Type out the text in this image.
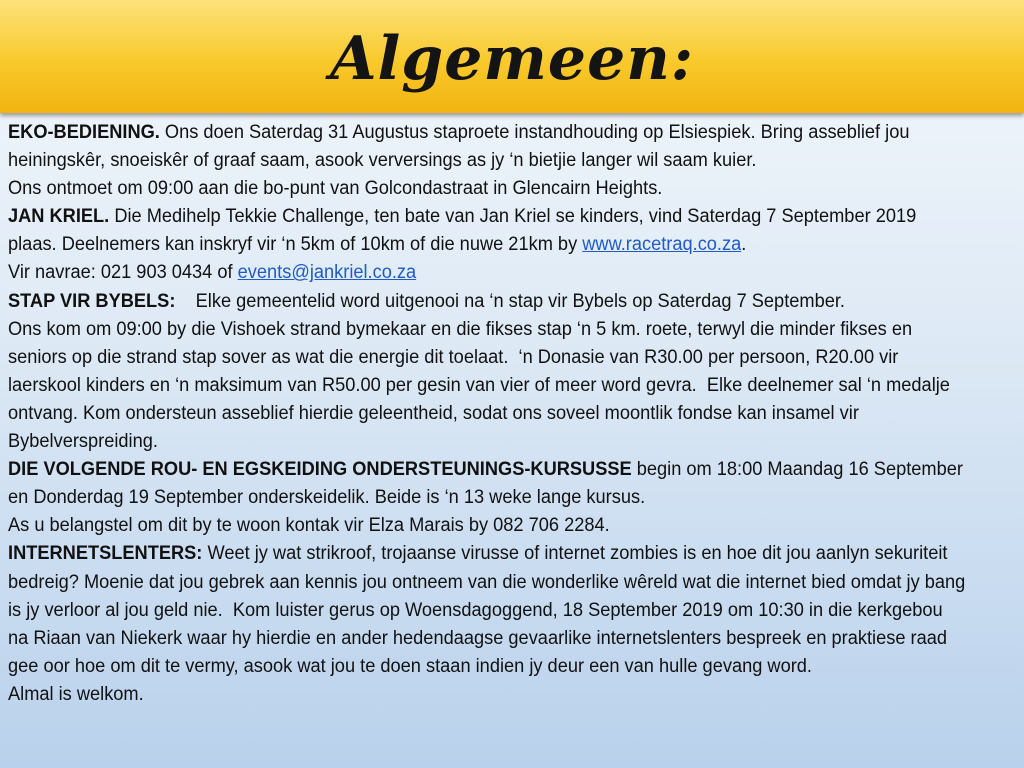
Algemeen:
EKO-BEDIENING. Ons doen Saterdag 31 Augustus staproete instandhouding op Elsiespiek. Bring asseblief jou
heiningskêr, snoeiskêr of graaf saam, asook verversings as jy ‘n bietjie langer wil saam kuier.
Ons ontmoet om 09:00 aan die bo-punt van Golcondastraat in Glencairn Heights.
JAN KRIEL. Die Medihelp Tekkie Challenge, ten bate van Jan Kriel se kinders, vind Saterdag 7 September 2019
plaas. Deelnemers kan inskryf vir ‘n 5km of 10km of die nuwe 21km by www.racetraq.co.za.
Vir navrae: 021 903 0434 of events@jankriel.co.za
STAP VIR BYBELS:    Elke gemeentelid word uitgenooi na ‘n stap vir Bybels op Saterdag 7 September.
Ons kom om 09:00 by die Vishoek strand bymekaar en die fikses stap ‘n 5 km. roete, terwyl die minder fikses en
seniors op die strand stap sover as wat die energie dit toelaat.  ‘n Donasie van R30.00 per persoon, R20.00 vir
laerskool kinders en ‘n maksimum van R50.00 per gesin van vier of meer word gevra.  Elke deelnemer sal ‘n medalje
ontvang. Kom ondersteun asseblief hierdie geleentheid, sodat ons soveel moontlik fondse kan insamel vir
Bybelverspreiding.
DIE VOLGENDE ROU- EN EGSKEIDING ONDERSTEUNINGS-KURSUSSE begin om 18:00 Maandag 16 September
en Donderdag 19 September onderskeidelik. Beide is ‘n 13 weke lange kursus.
As u belangstel om dit by te woon kontak vir Elza Marais by 082 706 2284.
INTERNETSLENTERS: Weet jy wat strikroof, trojaanse virusse of internet zombies is en hoe dit jou aanlyn sekuriteit
bedreig? Moenie dat jou gebrek aan kennis jou ontneem van die wonderlike wêreld wat die internet bied omdat jy bang
is jy verloor al jou geld nie.  Kom luister gerus op Woensdagoggend, 18 September 2019 om 10:30 in die kerkgebou
na Riaan van Niekerk waar hy hierdie en ander hedendaagse gevaarlike internetslenters bespreek en praktiese raad
gee oor hoe om dit te vermy, asook wat jou te doen staan indien jy deur een van hulle gevang word.
Almal is welkom.
